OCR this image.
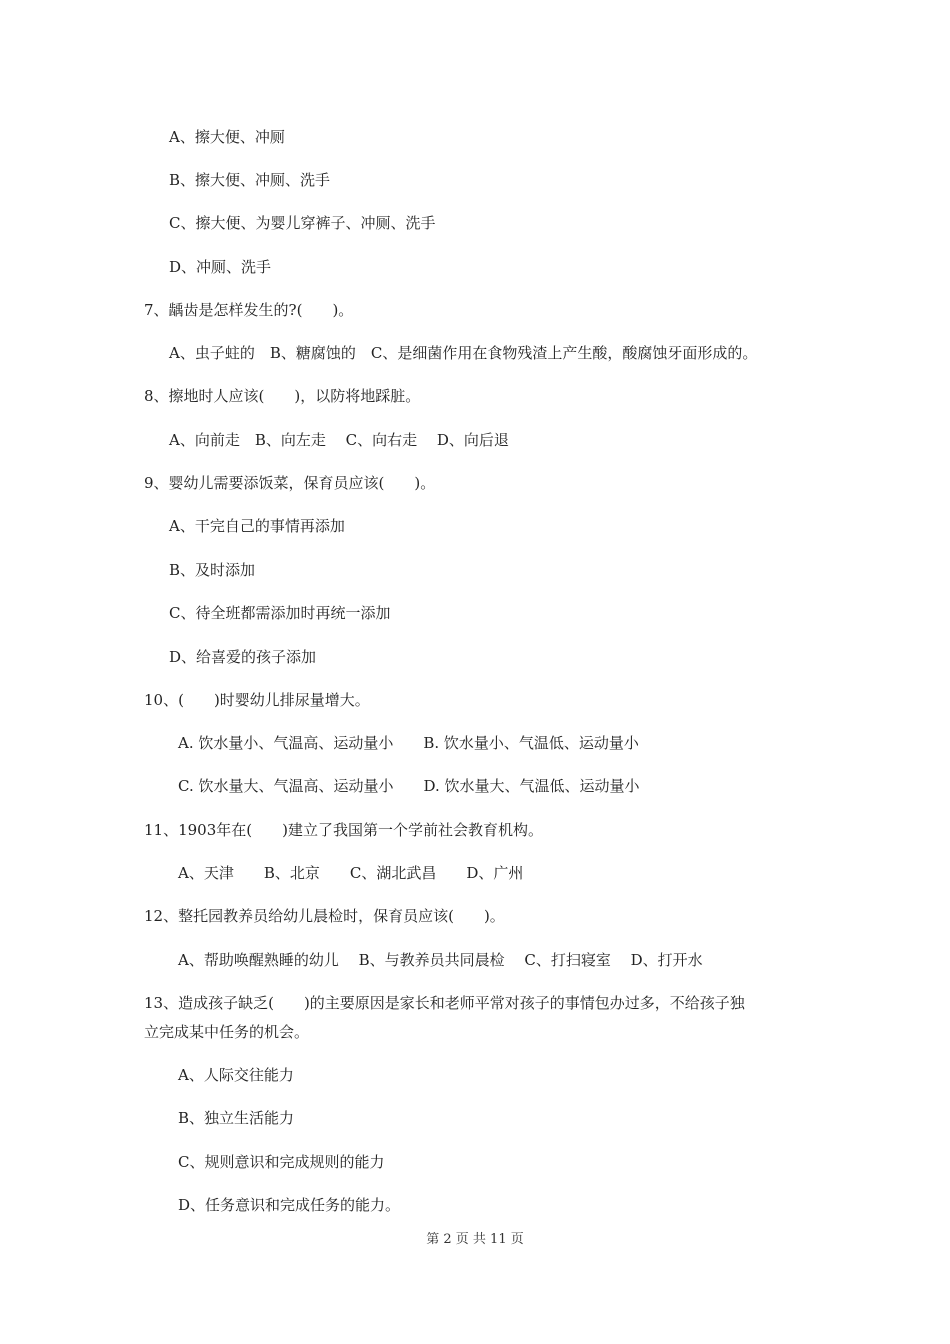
A、擦大便、冲厕
B、擦大便、冲厕、洗手
C、擦大便、为婴儿穿裤子、冲厕、洗手
D、冲厕、洗手
7、龋齿是怎样发生的?(　　)。
A、虫子蛀的　B、糖腐蚀的　C、是细菌作用在食物残渣上产生酸，酸腐蚀牙面形成的。
8、擦地时人应该(　　)，以防将地踩脏。
A、向前走　B、向左走　 C、向右走　 D、向后退
9、婴幼儿需要添饭菜，保育员应该(　　)。
A、干完自己的事情再添加
B、及时添加
C、待全班都需添加时再统一添加
D、给喜爱的孩子添加
10、(　　)时婴幼儿排尿量增大。
A. 饮水量小、气温高、运动量小　　B. 饮水量小、气温低、运动量小
C. 饮水量大、气温高、运动量小　　D. 饮水量大、气温低、运动量小
11、1903年在(　　)建立了我国第一个学前社会教育机构。
A、天津　　B、北京　　C、湖北武昌　　D、广州
12、整托园教养员给幼儿晨检时，保育员应该(　　)。
A、帮助唤醒熟睡的幼儿　 B、与教养员共同晨检　 C、打扫寝室　 D、打开水
13、造成孩子缺乏(　　)的主要原因是家长和老师平常对孩子的事情包办过多，不给孩子独
立完成某中任务的机会。
A、人际交往能力
B、独立生活能力
C、规则意识和完成规则的能力
D、任务意识和完成任务的能力。
第 2 页 共 11 页
